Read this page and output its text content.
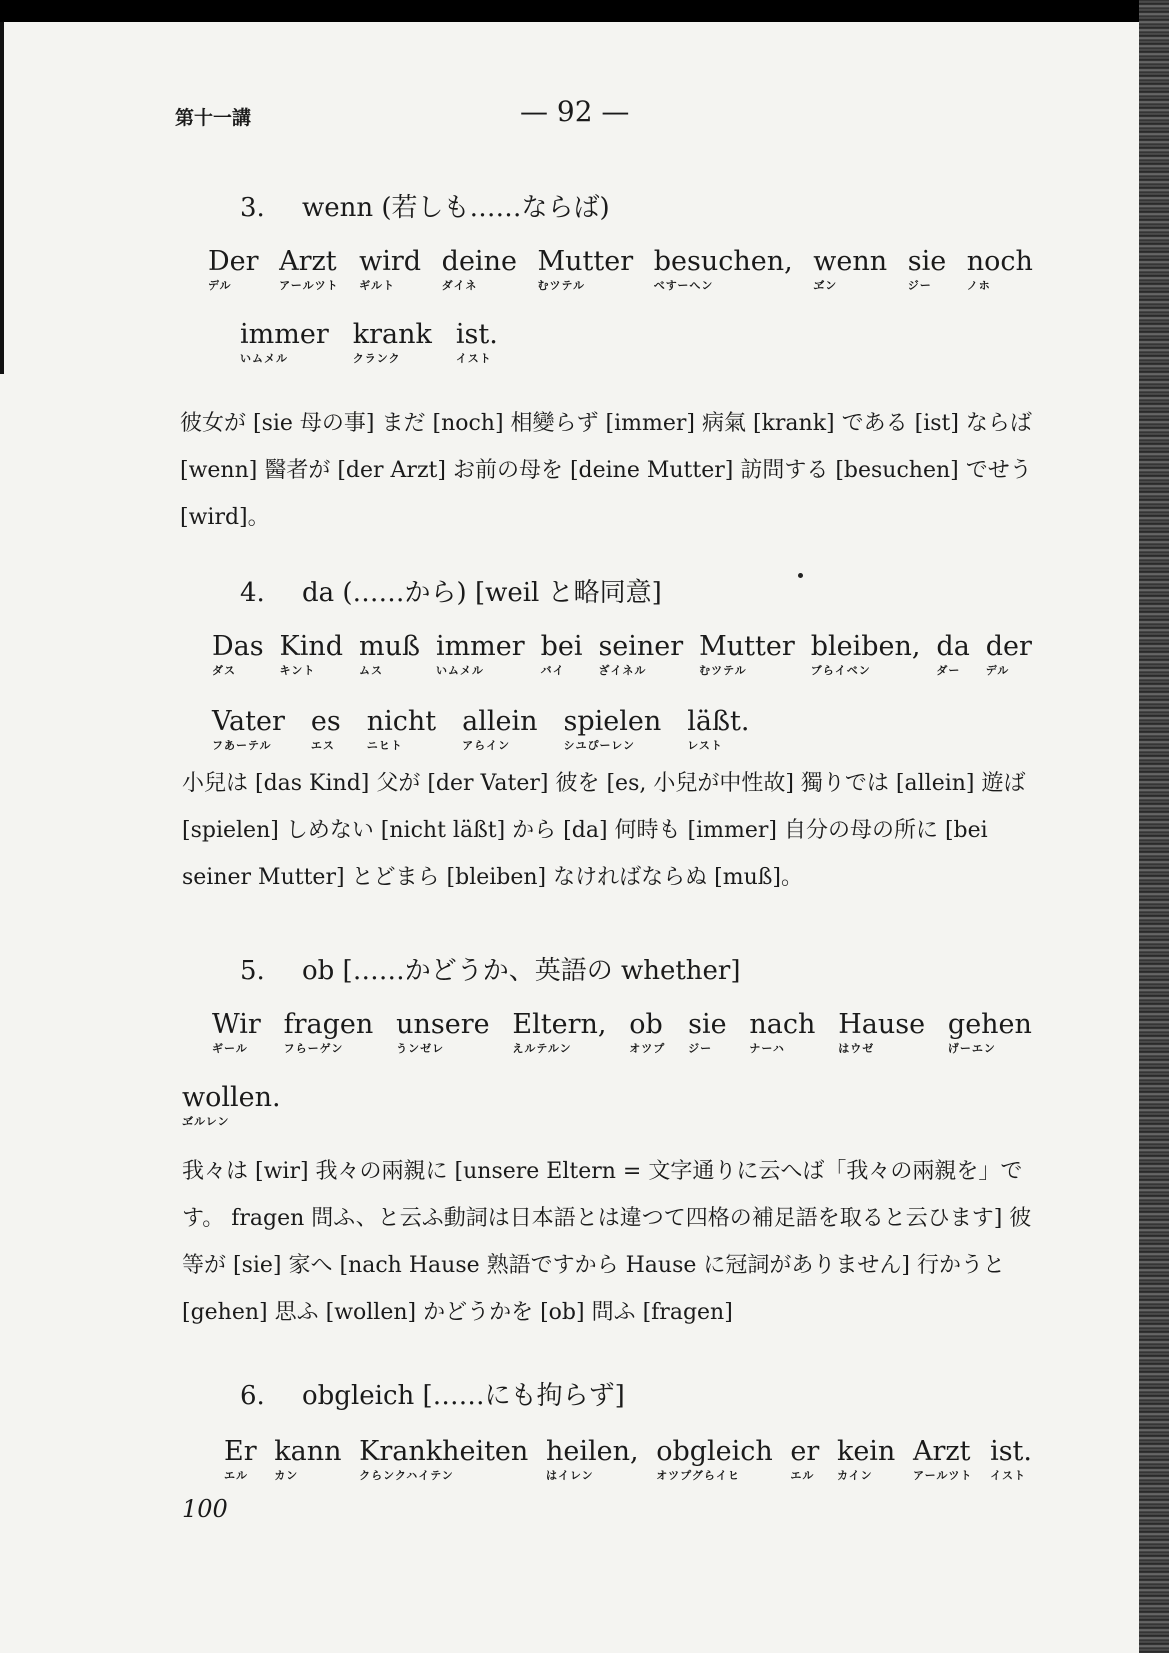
第十一講	— 92 —
3. wenn (若しも……ならば)
Der
デル
Arzt
アールツト
wird
ギルト
deine
ダイネ
Mutter
むツテル
besuchen,
べすーへン
wenn
ヹン
sie
ジー
noch
ノホ
immer
いムメル
krank
クランク
ist.
イスト
彼女が [sie 母の事] まだ [noch] 相變らず [immer] 病氣 [krank] である [ist] ならば [wenn] 醫者が [der Arzt] お前の母を [deine Mutter] 訪問する [besuchen] でせう [wird]。
4. da (……から) [weil と略同意]
Das
ダス
Kind
キント
muß
ムス
immer
いムメル
bei
バイ
seiner
ざイネル
Mutter
むツテル
bleiben,
ブらイベン
da
ダー
der
デル
Vater
フあーテル
es
エス
nicht
ニヒト
allein
アらイン
spielen
シユぴーレン
läßt.
レスト
小兒は [das Kind] 父が [der Vater] 彼を [es, 小兒が中性故] 獨りでは [allein] 遊ば [spielen] しめない [nicht läßt] から [da] 何時も [immer] 自分の母の所に [bei seiner Mutter] とどまら [bleiben] なければならぬ [muß]。
5. ob [……かどうか、英語の whether]
Wir
ギール
fragen
フらーゲン
unsere
うンゼレ
Eltern,
えルテルン
ob
オツプ
sie
ジー
nach
ナーハ
Hause
はウゼ
gehen
げーエン
wollen.
ヹルレン
我々は [wir] 我々の兩親に [unsere Eltern = 文字通りに云へば「我々の兩親を」です。 fragen 問ふ、と云ふ動詞は日本語とは違つて四格の補足語を取ると云ひます] 彼等が [sie] 家へ [nach Hause 熟語ですから Hause に冠詞がありません] 行かうと [gehen] 思ふ [wollen] かどうかを [ob] 問ふ [fragen]
6. obgleich [……にも拘らず]
Er
エル
kann
カン
Krankheiten
クらンクハイテン
heilen,
はイレン
obgleich
オツプグらイヒ
er
エル
kein
カイン
Arzt
アールツト
ist.
イスト
100
